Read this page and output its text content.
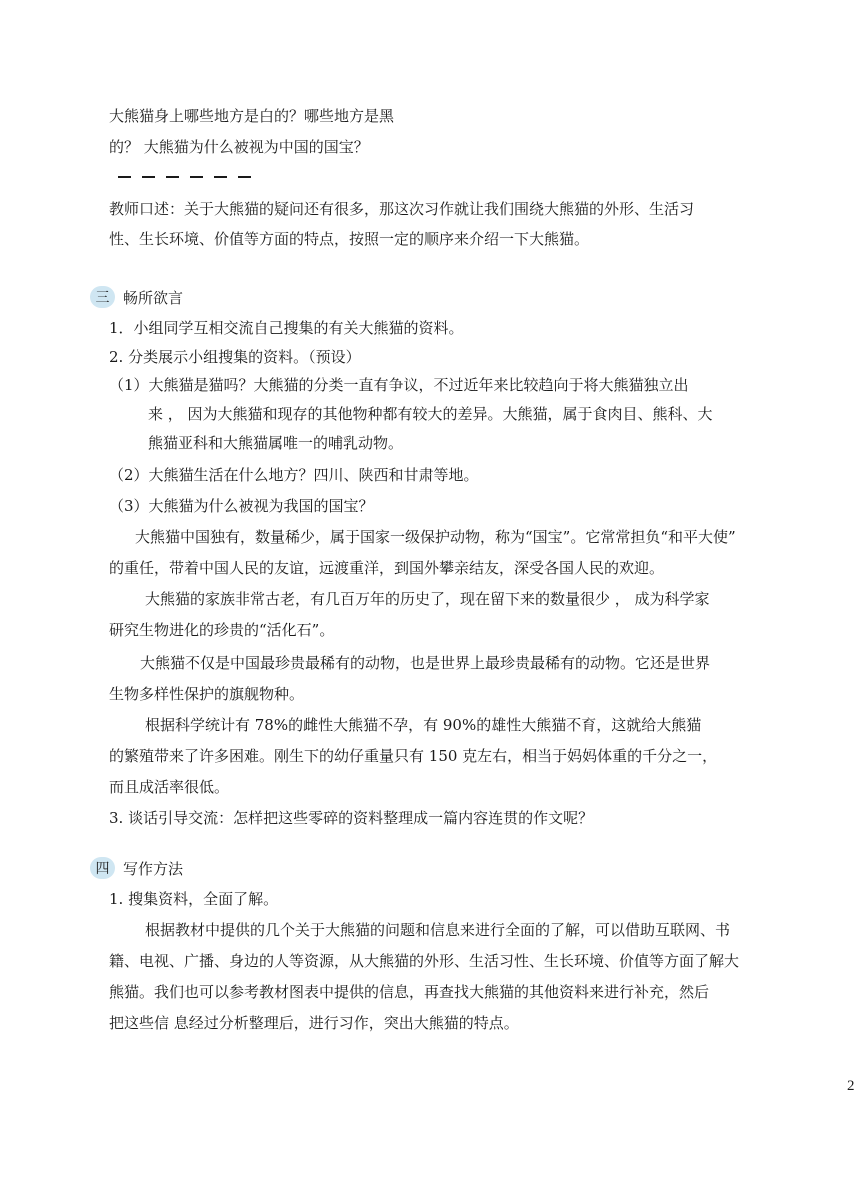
大熊猫身上哪些地方是白的？哪些地方是黑
的？ 大熊猫为什么被视为中国的国宝？
教师口述：关于大熊猫的疑问还有很多，那这次习作就让我们围绕大熊猫的外形、生活习
性、生长环境、价值等方面的特点，按照一定的顺序来介绍一下大熊猫。
三 畅所欲言
1．小组同学互相交流自己搜集的有关大熊猫的资料。
2. 分类展示小组搜集的资料。（预设）
（1）大熊猫是猫吗？大熊猫的分类一直有争议，不过近年来比较趋向于将大熊猫独立出
来 ， 因为大熊猫和现存的其他物种都有较大的差异。大熊猫，属于食肉目、熊科、大
熊猫亚科和大熊猫属唯一的哺乳动物。
（2）大熊猫生活在什么地方？四川、陕西和甘肃等地。
（3）大熊猫为什么被视为我国的国宝？
大熊猫中国独有，数量稀少，属于国家一级保护动物，称为“国宝”。它常常担负“和平大使”
的重任，带着中国人民的友谊，远渡重洋，到国外攀亲结友，深受各国人民的欢迎。
大熊猫的家族非常古老，有几百万年的历史了，现在留下来的数量很少 ， 成为科学家
研究生物进化的珍贵的“活化石”。
大熊猫不仅是中国最珍贵最稀有的动物，也是世界上最珍贵最稀有的动物。它还是世界
生物多样性保护的旗舰物种。
根据科学统计有 78%的雌性大熊猫不孕，有 90%的雄性大熊猫不育，这就给大熊猫
的繁殖带来了许多困难。刚生下的幼仔重量只有 150 克左右，相当于妈妈体重的千分之一，
而且成活率很低。
3. 谈话引导交流：怎样把这些零碎的资料整理成一篇内容连贯的作文呢？
四 写作方法
1. 搜集资料，全面了解。
根据教材中提供的几个关于大熊猫的问题和信息来进行全面的了解，可以借助互联网、书
籍、电视、广播、身边的人等资源，从大熊猫的外形、生活习性、生长环境、价值等方面了解大
熊猫。我们也可以参考教材图表中提供的信息，再查找大熊猫的其他资料来进行补充，然后
把这些信 息经过分析整理后，进行习作，突出大熊猫的特点。
2
